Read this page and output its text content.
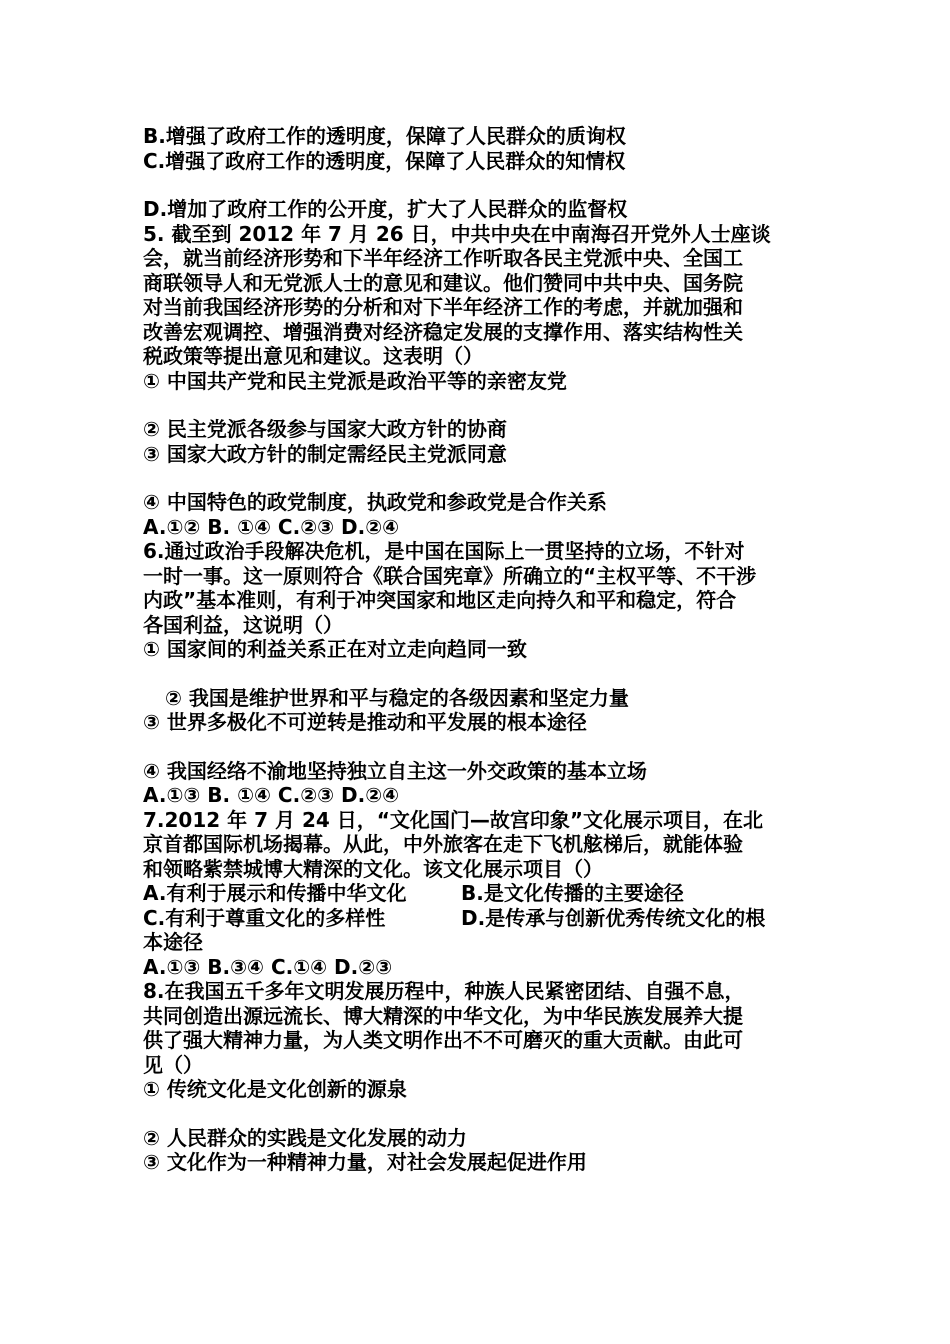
B.增强了政府工作的透明度，保障了人民群众的质询权
C.增强了政府工作的透明度，保障了人民群众的知情权
D.增加了政府工作的公开度，扩大了人民群众的监督权
5. 截至到 2012 年 7 月 26 日，中共中央在中南海召开党外人士座谈
会，就当前经济形势和下半年经济工作听取各民主党派中央、全国工
商联领导人和无党派人士的意见和建议。他们赞同中共中央、国务院
对当前我国经济形势的分析和对下半年经济工作的考虑，并就加强和
改善宏观调控、增强消费对经济稳定发展的支撑作用、落实结构性关
税政策等提出意见和建议。这表明（）
① 中国共产党和民主党派是政治平等的亲密友党
② 民主党派各级参与国家大政方针的协商
③ 国家大政方针的制定需经民主党派同意
④ 中国特色的政党制度，执政党和参政党是合作关系
A.①② B. ①④ C.②③ D.②④
6.通过政治手段解决危机，是中国在国际上一贯坚持的立场，不针对
一时一事。这一原则符合《联合国宪章》所确立的“主权平等、不干涉
内政”基本准则，有利于冲突国家和地区走向持久和平和稳定，符合
各国利益，这说明（）
① 国家间的利益关系正在对立走向趋同一致
② 我国是维护世界和平与稳定的各级因素和坚定力量
③ 世界多极化不可逆转是推动和平发展的根本途径
④ 我国经络不渝地坚持独立自主这一外交政策的基本立场
A.①③ B. ①④ C.②③ D.②④
7.2012 年 7 月 24 日，“文化国门—故宫印象”文化展示项目，在北
京首都国际机场揭幕。从此，中外旅客在走下飞机舷梯后，就能体验
和领略紫禁城博大精深的文化。该文化展示项目（）
A.有利于展示和传播中华文化	B.是文化传播的主要途径
C.有利于尊重文化的多样性	D.是传承与创新优秀传统文化的根
本途径
A.①③ B.③④ C.①④ D.②③
8.在我国五千多年文明发展历程中，种族人民紧密团结、自强不息，
共同创造出源远流长、博大精深的中华文化，为中华民族发展养大提
供了强大精神力量，为人类文明作出不不可磨灭的重大贡献。由此可
见（）
① 传统文化是文化创新的源泉
② 人民群众的实践是文化发展的动力
③ 文化作为一种精神力量，对社会发展起促进作用
